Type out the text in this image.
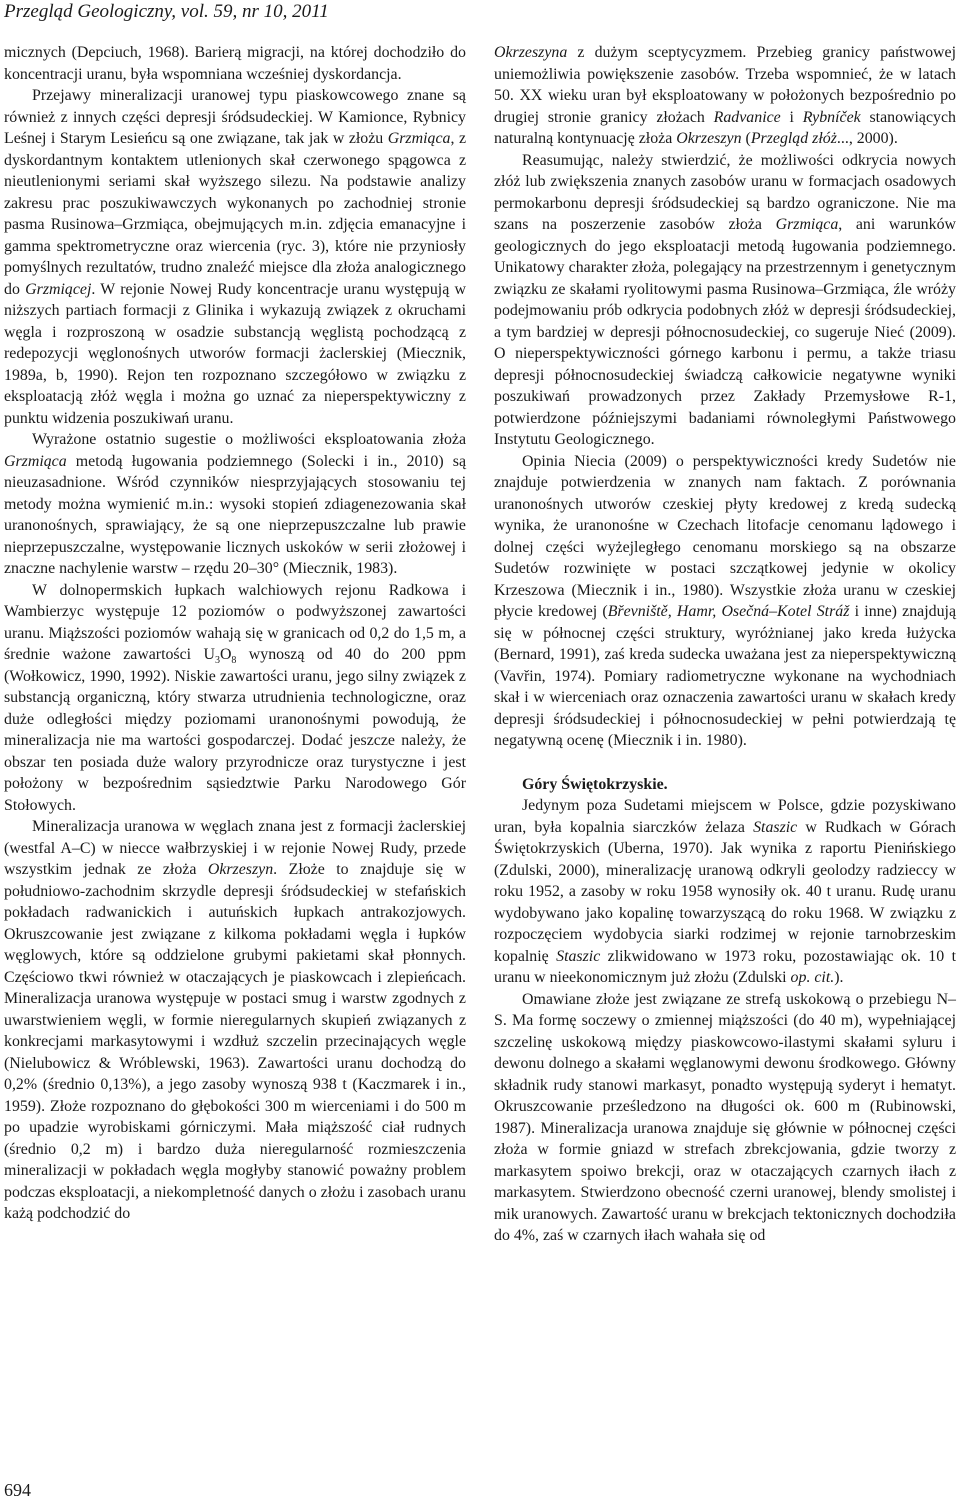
Przegląd Geologiczny, vol. 59, nr 10, 2011

micznych (Depciuch, 1968). Barierą migracji, na której dochodziło do koncentracji uranu, była wspomniana wcześniej dyskordancja.

Przejawy mineralizacji uranowej typu piaskowcowego znane są również z innych części depresji śródsudeckiej. W Kamionce, Rybnicy Leśnej i Starym Lesieńcu są one związane, tak jak w złożu Grzmiąca, z dyskordantnym kontaktem utlenionych skał czerwonego spągowca z nieutlenionymi seriami skał wyższego silezu. Na podstawie analizy zakresu prac poszukiwawczych wykonanych po zachodniej stronie pasma Rusinowa–Grzmiąca, obejmujących m.in. zdjęcia emanacyjne i gamma spektrometryczne oraz wiercenia (ryc. 3), które nie przyniosły pomyślnych rezultatów, trudno znaleźć miejsce dla złoża analogicznego do Grzmiącej. W rejonie Nowej Rudy koncentracje uranu występują w niższych partiach formacji z Glinika i wykazują związek z okruchami węgla i rozproszoną w osadzie substancją węglistą pochodzącą z redepozycji węglonośnych utworów formacji żaclerskiej (Miecznik, 1989a, b, 1990). Rejon ten rozpoznano szczegółowo w związku z eksploatacją złóż węgla i można go uznać za nieperspektywiczny z punktu widzenia poszukiwań uranu.

Wyrażone ostatnio sugestie o możliwości eksploatowania złoża Grzmiąca metodą ługowania podziemnego (Solecki i in., 2010) są nieuzasadnione. Wśród czynników niesprzyjających stosowaniu tej metody można wymienić m.in.: wysoki stopień zdiagenezowania skał uranonośnych, sprawiający, że są one nieprzepuszczalne lub prawie nieprzepuszczalne, występowanie licznych uskoków w serii złożowej i znaczne nachylenie warstw – rzędu 20–30° (Miecznik, 1983).

W dolnopermskich łupkach walchiowych rejonu Radkowa i Wambierzyc występuje 12 poziomów o podwyższonej zawartości uranu. Miąższości poziomów wahają się w granicach od 0,2 do 1,5 m, a średnie ważone zawartości $U_3O_8$ wynoszą od 40 do 200 ppm (Wołkowicz, 1990, 1992). Niskie zawartości uranu, jego silny związek z substancją organiczną, który stwarza utrudnienia technologiczne, oraz duże odległości między poziomami uranonośnymi powodują, że mineralizacja nie ma wartości gospodarczej. Dodać jeszcze należy, że obszar ten posiada duże walory przyrodnicze oraz turystyczne i jest położony w bezpośrednim sąsiedztwie Parku Narodowego Gór Stołowych.

Mineralizacja uranowa w węglach znana jest z formacji żaclerskiej (westfal A–C) w niecce wałbrzyskiej i w rejonie Nowej Rudy, przede wszystkim jednak ze złoża Okrzeszyn. Złoże to znajduje się w południowo-zachodnim skrzydle depresji śródsudeckiej w stefańskich pokładach radwanickich i autuńskich łupkach antrakozjowych. Okruszcowanie jest związane z kilkoma pokładami węgla i łupków węglowych, które są oddzielone grubymi pakietami skał płonnych. Częściowo tkwi również w otaczających je piaskowcach i zlepieńcach. Mineralizacja uranowa występuje w postaci smug i warstw zgodnych z uwarstwieniem węgli, w formie nieregularnych skupień związanych z konkrecjami markasytowymi i wzdłuż szczelin przecinających węgle (Nielubowicz & Wróblewski, 1963). Zawartości uranu dochodzą do 0,2% (średnio 0,13%), a jego zasoby wynoszą 938 t (Kaczmarek i in., 1959). Złoże rozpoznano do głębokości 300 m wierceniami i do 500 m po upadzie wyrobiskami górniczymi. Mała miąższość ciał rudnych (średnio 0,2 m) i bardzo duża nieregularność rozmieszczenia mineralizacji w pokładach węgla mogłyby stanowić poważny problem podczas eksploatacji, a niekompletność danych o złożu i zasobach uranu każą podchodzić do

Okrzeszyna z dużym sceptycyzmem. Przebieg granicy państwowej uniemożliwia powiększenie zasobów. Trzeba wspomnieć, że w latach 50. XX wieku uran był eksploatowany w położonych bezpośrednio po drugiej stronie granicy złożach Radvanice i Rybníček stanowiących naturalną kontynuację złoża Okrzeszyn (Przegląd złóż..., 2000).

Reasumując, należy stwierdzić, że możliwości odkrycia nowych złóż lub zwiększenia znanych zasobów uranu w formacjach osadowych permokarbonu depresji śródsudeckiej są bardzo ograniczone. Nie ma szans na poszerzenie zasobów złoża Grzmiąca, ani warunków geologicznych do jego eksploatacji metodą ługowania podziemnego. Unikatowy charakter złoża, polegający na przestrzennym i genetycznym związku ze skałami ryolitowymi pasma Rusinowa–Grzmiąca, źle wróży podejmowaniu prób odkrycia podobnych złóż w depresji śródsudeckiej, a tym bardziej w depresji północnosudeckiej, co sugeruje Nieć (2009). O nieperspektywiczności górnego karbonu i permu, a także triasu depresji północnosudeckiej świadczą całkowicie negatywne wyniki poszukiwań prowadzonych przez Zakłady Przemysłowe R-1, potwierdzone późniejszymi badaniami równoległymi Państwowego Instytutu Geologicznego.

Opinia Niecia (2009) o perspektywiczności kredy Sudetów nie znajduje potwierdzenia w znanych nam faktach. Z porównania uranonośnych utworów czeskiej płyty kredowej z kredą sudecką wynika, że uranonośne w Czechach litofacje cenomanu lądowego i dolnej części wyżejległego cenomanu morskiego są na obszarze Sudetów rozwinięte w postaci szczątkowej jedynie w okolicy Krzeszowa (Miecznik i in., 1980). Wszystkie złoża uranu w czeskiej płycie kredowej (Břevniště, Hamr, Osečná–Kotel Stráž i inne) znajdują się w północnej części struktury, wyróżnianej jako kreda łużycka (Bernard, 1991), zaś kreda sudecka uważana jest za nieperspektywiczną (Vavřin, 1974). Pomiary radiometryczne wykonane na wychodniach skał i w wierceniach oraz oznaczenia zawartości uranu w skałach kredy depresji śródsudeckiej i północnosudeckiej w pełni potwierdzają tę negatywną ocenę (Miecznik i in. 1980).

Góry Świętokrzyskie.

Jedynym poza Sudetami miejscem w Polsce, gdzie pozyskiwano uran, była kopalnia siarczków żelaza Staszic w Rudkach w Górach Świętokrzyskich (Uberna, 1970). Jak wynika z raportu Pienińskiego (Zdulski, 2000), mineralizację uranową odkryli geolodzy radzieccy w roku 1952, a zasoby w roku 1958 wynosiły ok. 40 t uranu. Rudę uranu wydobywano jako kopalinę towarzyszącą do roku 1968. W związku z rozpoczęciem wydobycia siarki rodzimej w rejonie tarnobrzeskim kopalnię Staszic zlikwidowano w 1973 roku, pozostawiając ok. 10 t uranu w nieekonomicznym już złożu (Zdulski op. cit.).

Omawiane złoże jest związane ze strefą uskokową o przebiegu N–S. Ma formę soczewy o zmiennej miąższości (do 40 m), wypełniającej szczelinę uskokową między piaskowcowo-ilastymi skałami syluru i dewonu dolnego a skałami węglanowymi dewonu środkowego. Główny składnik rudy stanowi markasyt, ponadto występują syderyt i hematyt. Okruszcowanie prześledzono na długości ok. 600 m (Rubinowski, 1987). Mineralizacja uranowa znajduje się głównie w północnej części złoża w formie gniazd w strefach zbrekcjowania, gdzie tworzy z markasytem spoiwo brekcji, oraz w otaczających czarnych iłach z markasytem. Stwierdzono obecność czerni uranowej, blendy smolistej i mik uranowych. Zawartość uranu w brekcjach tektonicznych dochodziła do 4%, zaś w czarnych iłach wahała się od

694
